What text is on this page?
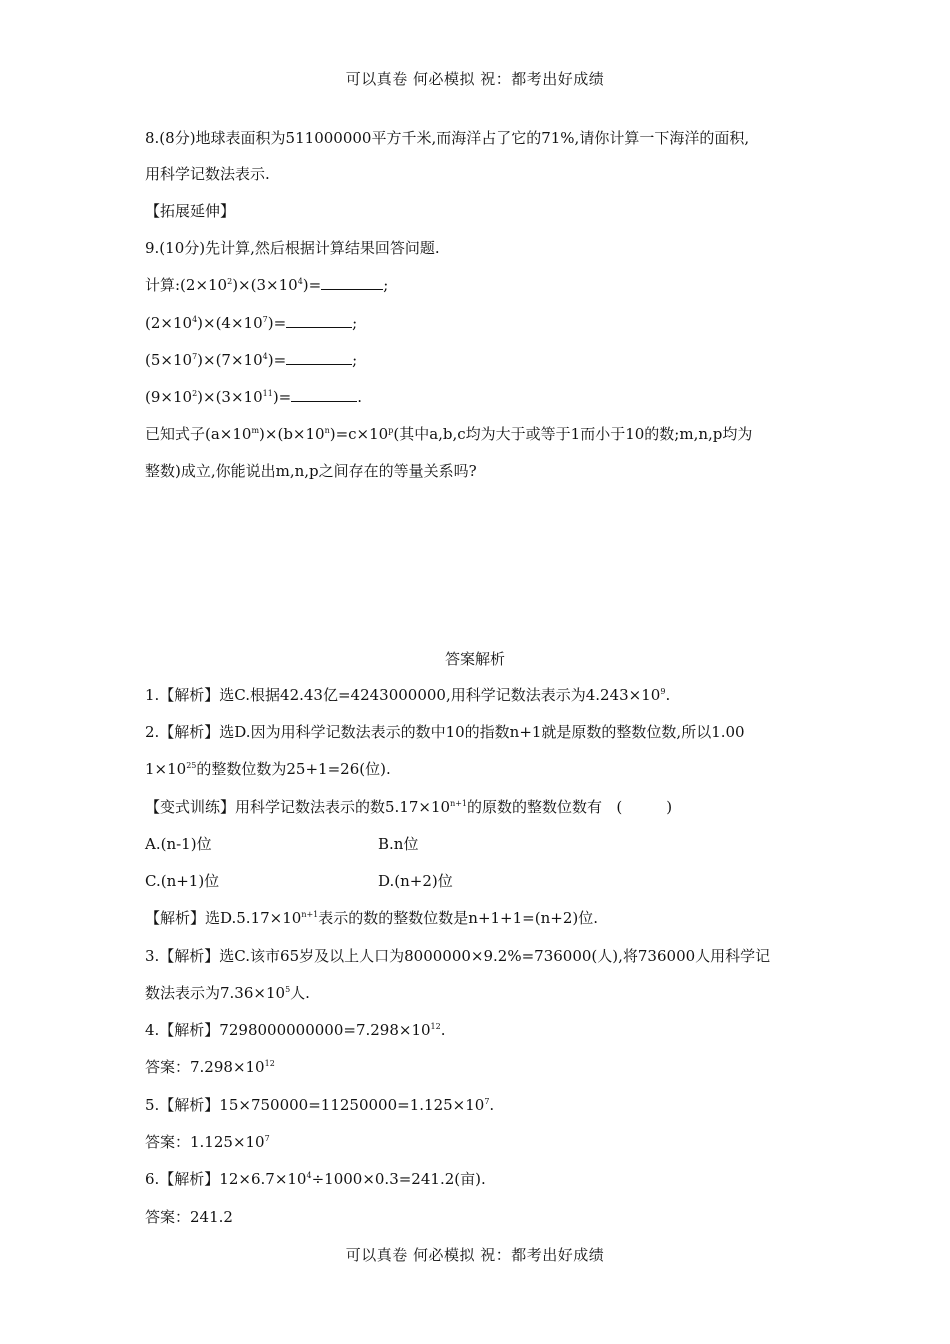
可以真卷 何必模拟 祝：都考出好成绩
8.(8分)地球表面积为511000000平方千米,而海洋占了它的71%,请你计算一下海洋的面积,
用科学记数法表示.
【拓展延伸】
9.(10分)先计算,然后根据计算结果回答问题.
计算$:(2\times 10^2)\times(3\times 10^4)=$	;
$(2\times 10^4)\times(4\times 10^7)=$	;
$(5\times 10^7)\times(7\times 10^4)=$	;
$(9\times 10^2)\times(3\times 10^{11})=$	.
已知式子$(a\times 10^m)\times(b\times 10^n)=c\times 10^p$(其中a,b,c均为大于或等于1而小于10的数;m,n,p均为
整数)成立,你能说出m,n,p之间存在的等量关系吗?
答案解析
1.【解析】选C.根据42.43亿=4243000000,用科学记数法表示为$4.243\times 10^9$.
2.【解析】选D.因为用科学记数法表示的数中10的指数n+1就是原数的整数位数,所以1.00
$1\times 10^{25}$的整数位数为25+1=26(位).
【变式训练】用科学记数法表示的数$5.17\times 10^{n+1}$的原数的整数位数有 (	)
A.(n-1)位	B.n位
C.(n+1)位	D.(n+2)位
【解析】选$D.5.17\times 10^{n+1}$表示的数的整数位数是n+1+1=(n+2)位.
3.【解析】选C.该市65岁及以上人口为8000000×9.2%=736000(人),将736000人用科学记
数法表示为$7.36\times 10^5$人.
4.【解析】$7298000000000=7.298\times 10^{12}$.
答案：$7.298\times 10^{12}$
5.【解析】$15\times 750000=11250000=1.125\times 10^7$.
答案：$1.125\times 10^7$
6.【解析】$12\times 6.7\times 10^4\div 1000\times 0.3=241.2$(亩).
答案：241.2
可以真卷 何必模拟 祝：都考出好成绩
